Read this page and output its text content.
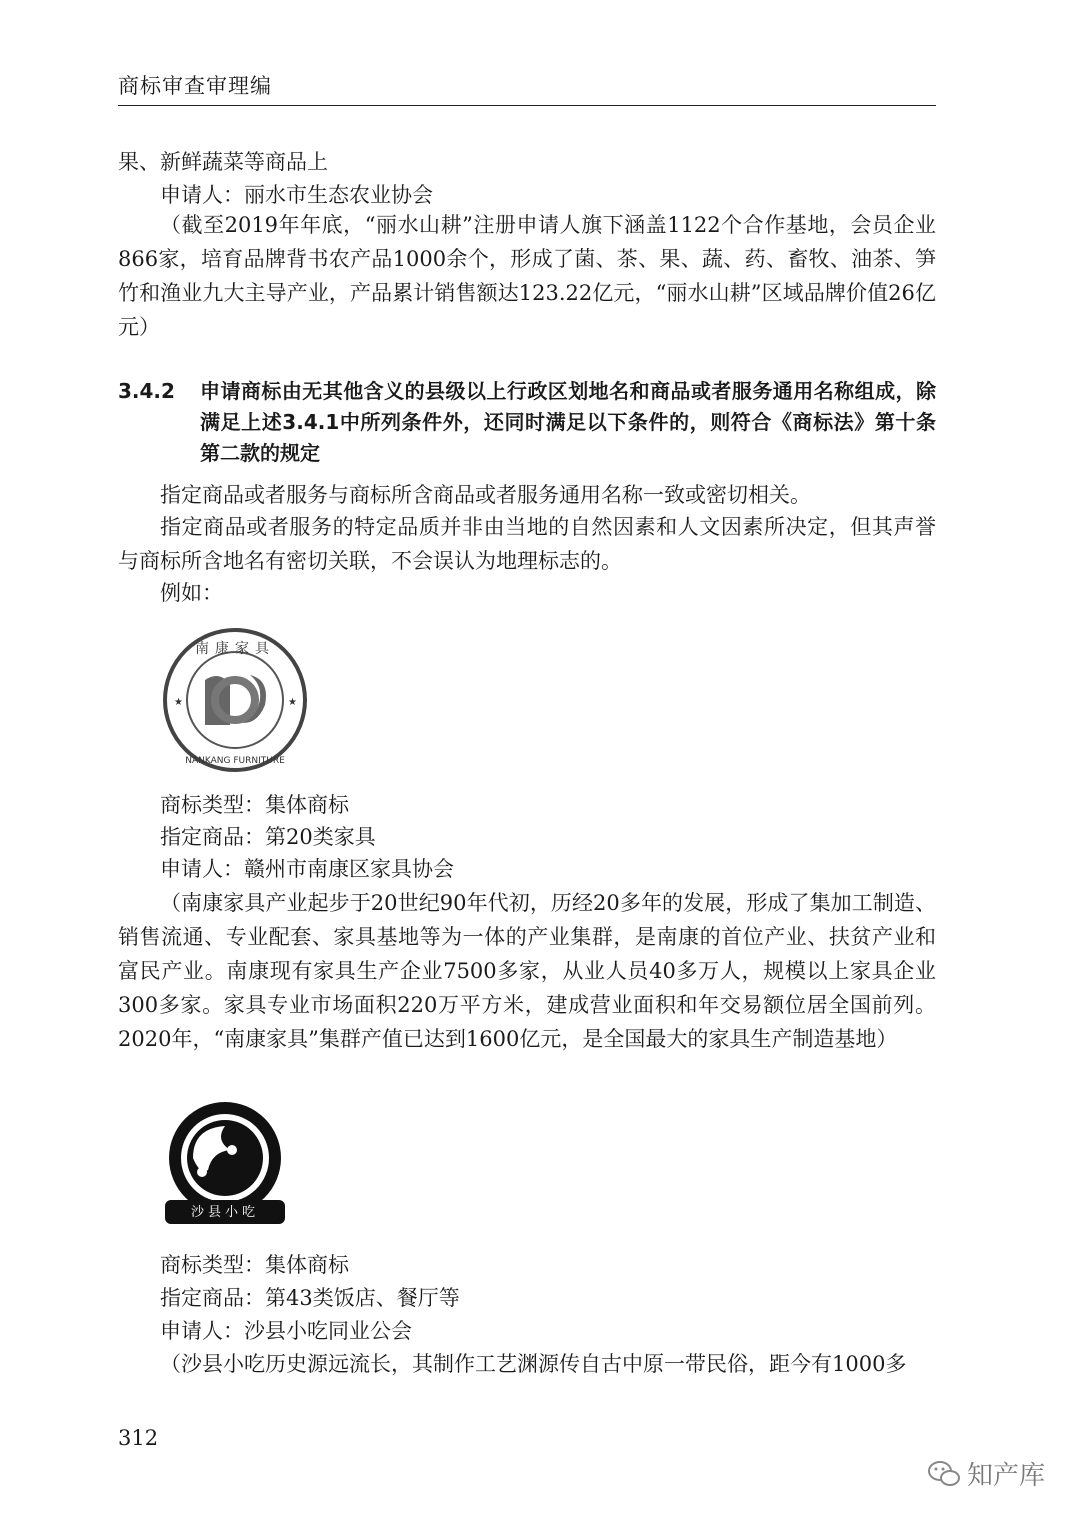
商标审查审理编

果、新鲜蔬菜等商品上

申请人：丽水市生态农业协会

（截至2019年年底，“丽水山耕”注册申请人旗下涵盖1122个合作基地，会员企业866家，培育品牌背书农产品1000余个，形成了菌、茶、果、蔬、药、畜牧、油茶、笋竹和渔业九大主导产业，产品累计销售额达123.22亿元，“丽水山耕”区域品牌价值26亿元）

3.4.2 申请商标由无其他含义的县级以上行政区划地名和商品或者服务通用名称组成，除满足上述3.4.1中所列条件外，还同时满足以下条件的，则符合《商标法》第十条第二款的规定

指定商品或者服务与商标所含商品或者服务通用名称一致或密切相关。

指定商品或者服务的特定品质并非由当地的自然因素和人文因素所决定，但其声誉与商标所含地名有密切关联，不会误认为地理标志的。

例如：

南康家具
NANKANG FURNITURE
★	★

商标类型：集体商标

指定商品：第20类家具

申请人：赣州市南康区家具协会

（南康家具产业起步于20世纪90年代初，历经20多年的发展，形成了集加工制造、销售流通、专业配套、家具基地等为一体的产业集群，是南康的首位产业、扶贫产业和富民产业。南康现有家具生产企业7500多家，从业人员40多万人，规模以上家具企业300多家。家具专业市场面积220万平方米，建成营业面积和年交易额位居全国前列。2020年，“南康家具”集群产值已达到1600亿元，是全国最大的家具生产制造基地）

沙县小吃

商标类型：集体商标

指定商品：第43类饭店、餐厅等

申请人：沙县小吃同业公会

（沙县小吃历史源远流长，其制作工艺渊源传自古中原一带民俗，距今有1000多

312
知产库
